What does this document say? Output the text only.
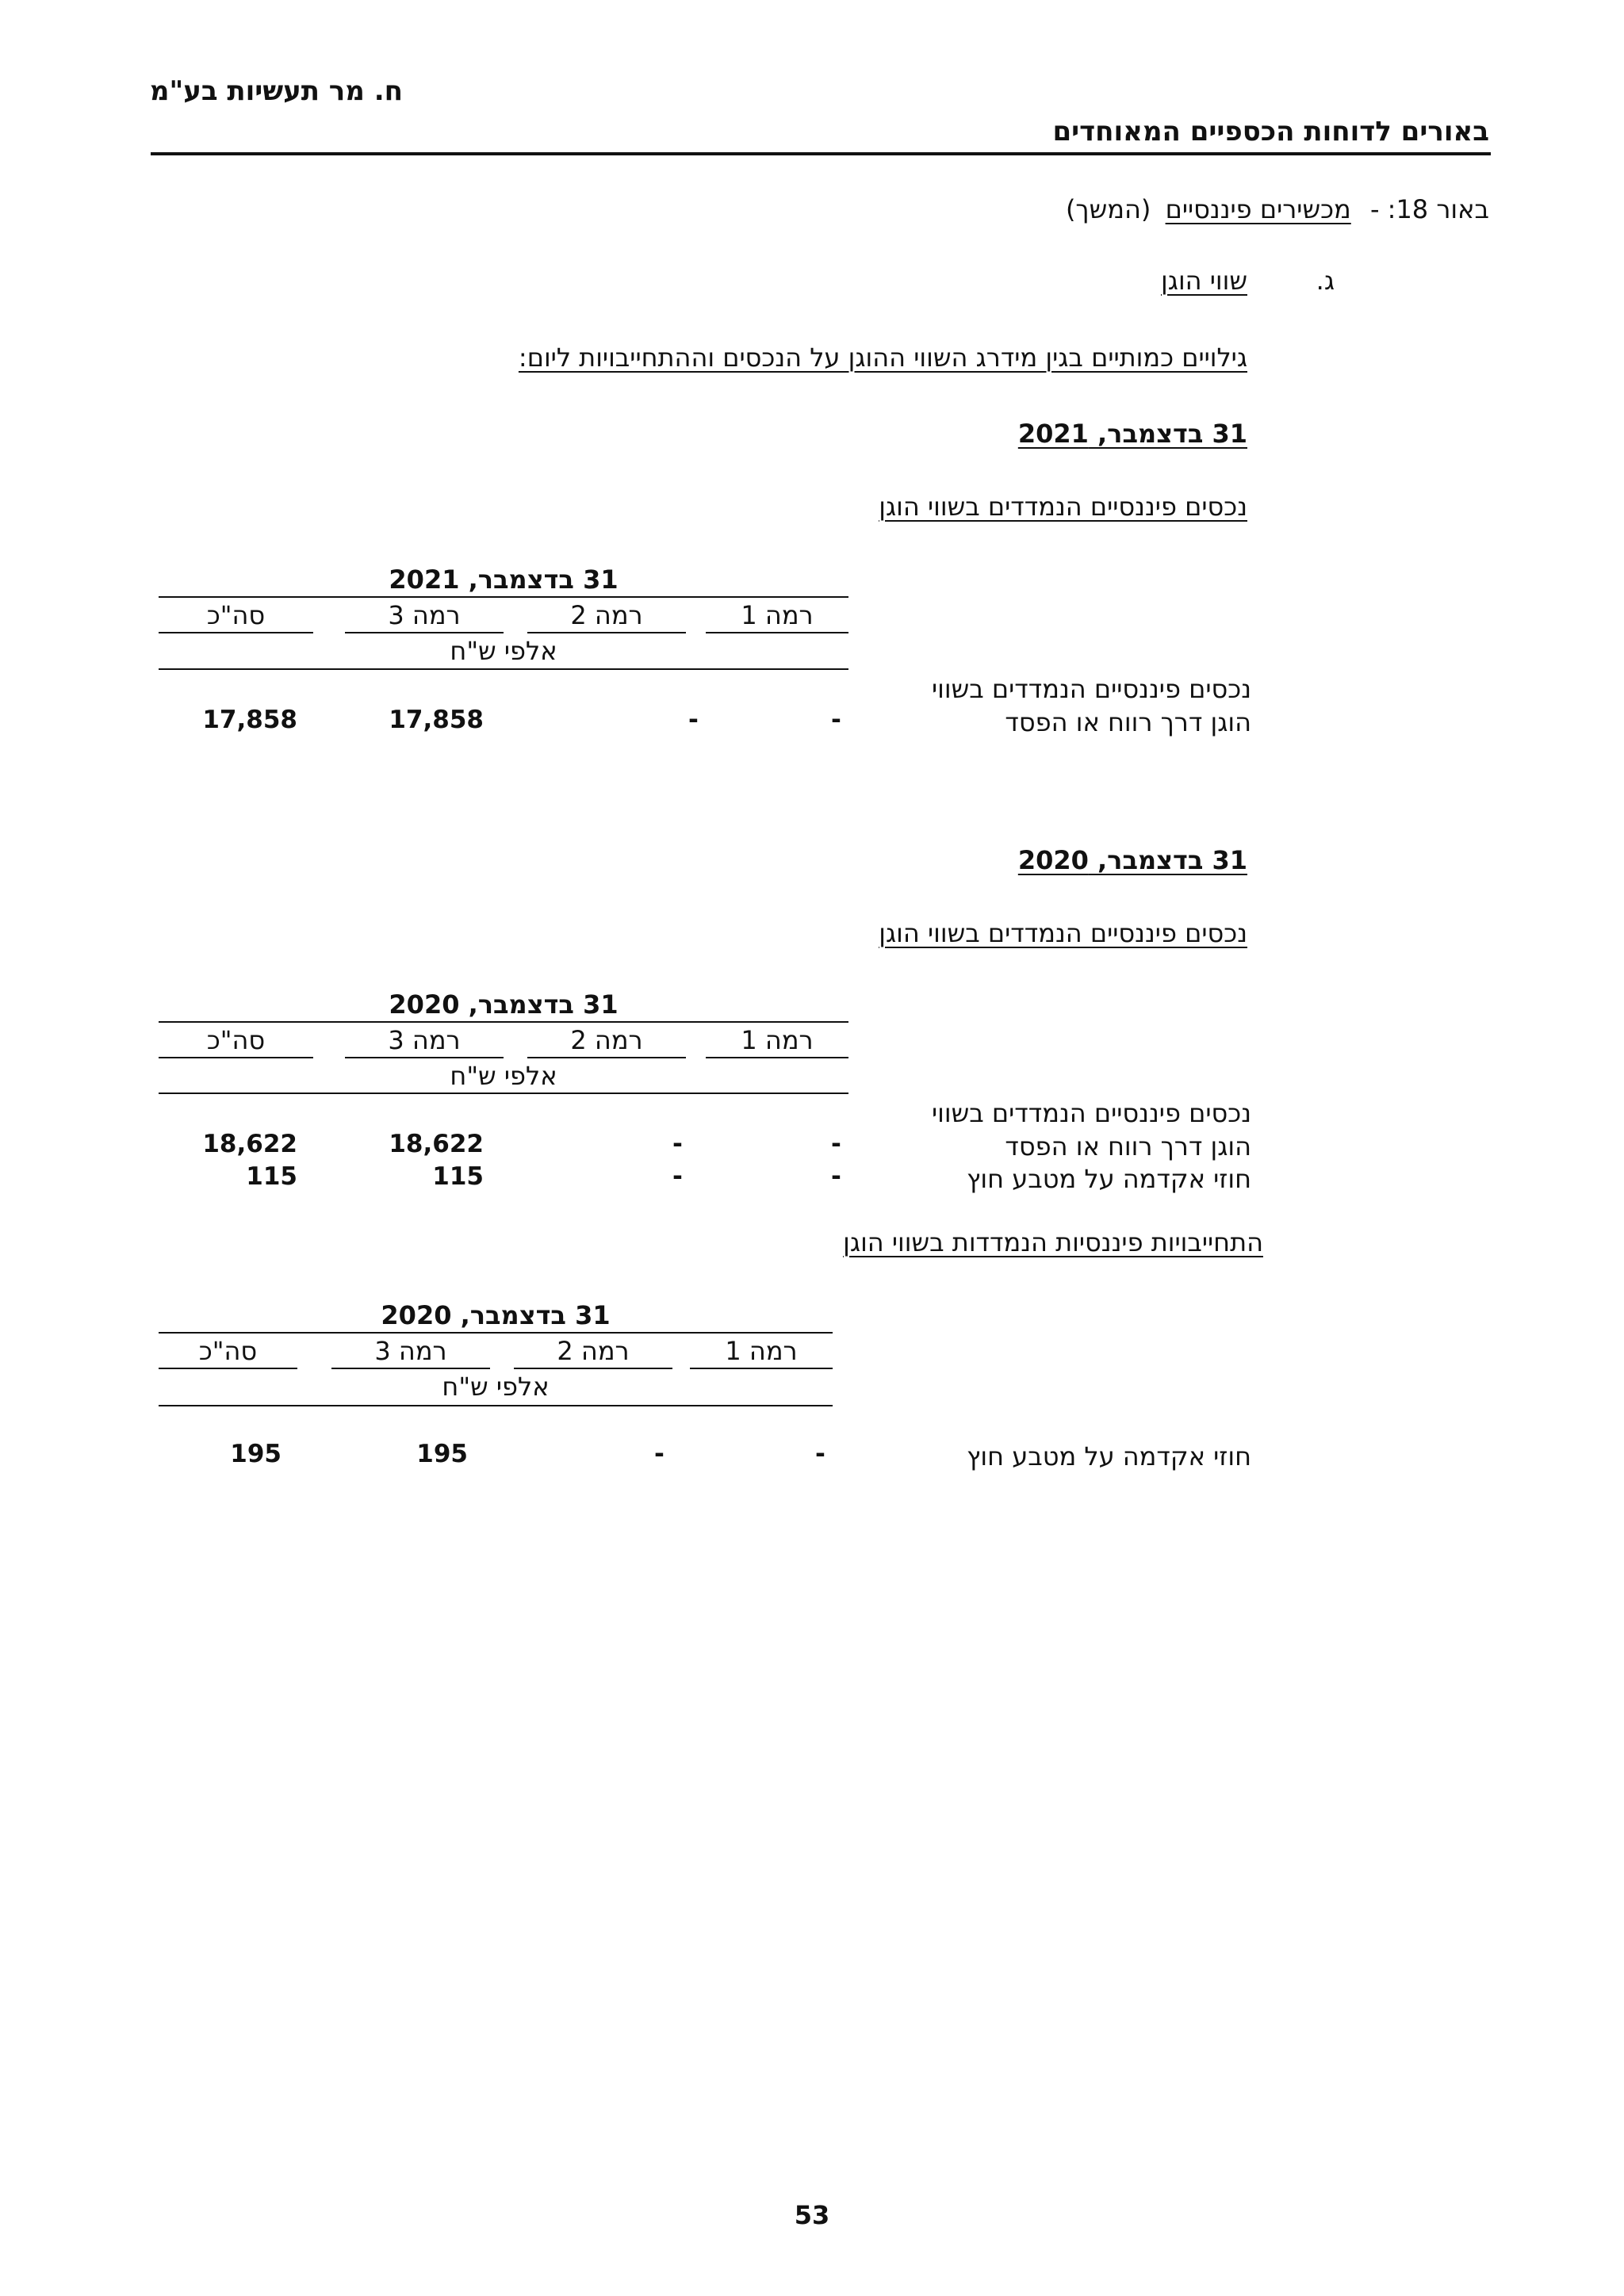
ח. מר תעשיות בע"מ
באורים לדוחות הכספיים המאוחדים
באור 18: - מכשירים פיננסיים (המשך)
ג.
שווי הוגן
גילויים כמותיים בגין מידרג השווי ההוגן על הנכסים וההתחייבויות ליום:
31 בדצמבר, 2021
נכסים פיננסיים הנמדדים בשווי הוגן
31 בדצמבר, 2021
רמה 1
רמה 2
רמה 3
סה"כ
אלפי ש"ח
נכסים פיננסיים הנמדדים בשווי
הוגן דרך רווח או הפסד
-
-
17,858
17,858
31 בדצמבר, 2020
נכסים פיננסיים הנמדדים בשווי הוגן
31 בדצמבר, 2020
רמה 1
רמה 2
רמה 3
סה"כ
אלפי ש"ח
נכסים פיננסיים הנמדדים בשווי
הוגן דרך רווח או הפסד
-
-
18,622
18,622
חוזי אקדמה על מטבע חוץ
-
-
115
115
התחייבויות פיננסיות הנמדדות בשווי הוגן
31 בדצמבר, 2020
רמה 1
רמה 2
רמה 3
סה"כ
אלפי ש"ח
חוזי אקדמה על מטבע חוץ
-
-
195
195
53
